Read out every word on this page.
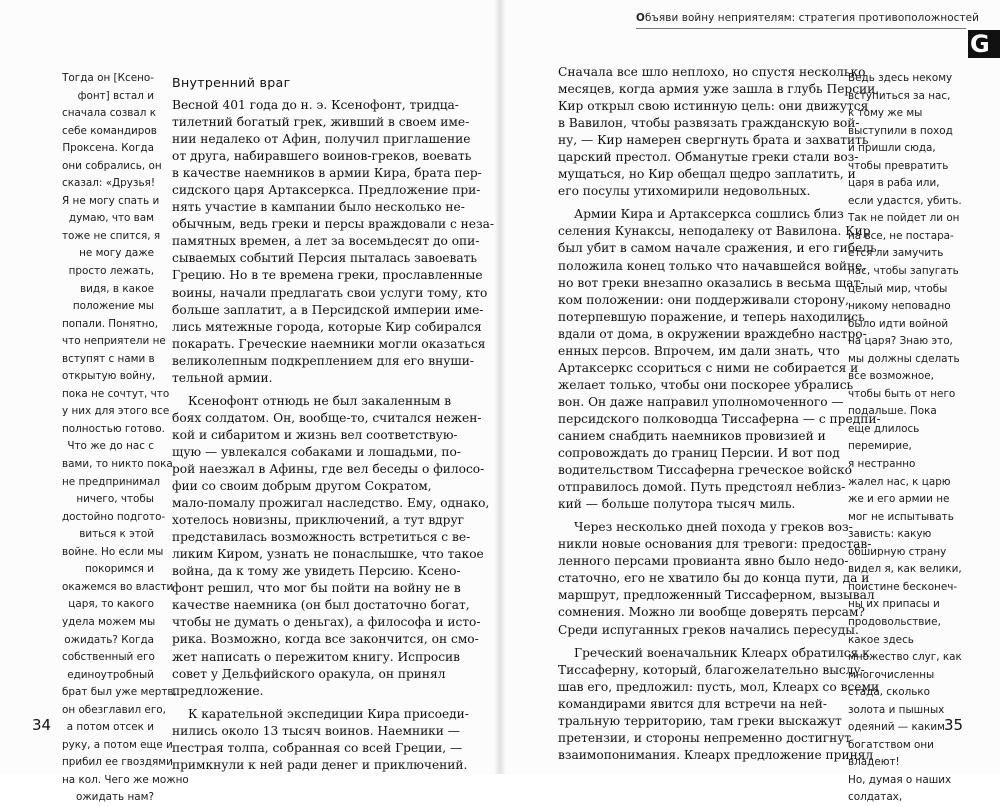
Объяви войну неприятелям: стратегия противоположностей
G
Тогда он [Ксено-
фонт] встал и
сначала созвал к
себе командиров
Проксена. Когда
они собрались, он
сказал: «Друзья!
Я не могу спать и
думаю, что вам
тоже не спится, я
не могу даже
просто лежать,
видя, в какое
положение мы
попали. Понятно,
что неприятели не
вступят с нами в
открытую войну,
пока не сочтут, что
у них для этого все
полностью готово.
Что же до нас с
вами, то никто пока
не предпринимал
ничего, чтобы
достойно подгото-
виться к этой
войне. Но если мы
покоримся и
окажемся во власти
царя, то какого
удела можем мы
ожидать? Когда
собственный его
единоутробный
брат был уже мертв,
он обезглавил его,
а потом отсек и
руку, а потом еще и
прибил ее гвоздями
на кол. Чего же можно
ожидать нам?
Внутренний враг
Весной 401 года до н. э. Ксенофонт, тридца-
тилетний богатый грек, живший в своем име-
нии недалеко от Афин, получил приглашение
от друга, набиравшего воинов-греков, воевать
в качестве наемников в армии Кира, брата пер-
сидского царя Артаксеркса. Предложение при-
нять участие в кампании было несколько не-
обычным, ведь греки и персы враждовали с неза-
памятных времен, а лет за восемьдесят до опи-
сываемых событий Персия пыталась завоевать
Грецию. Но в те времена греки, прославленные
воины, начали предлагать свои услуги тому, кто
больше заплатит, а в Персидской империи име-
лись мятежные города, которые Кир собирался
покарать. Греческие наемники могли оказаться
великолепным подкреплением для его внуши-
тельной армии.
Ксенофонт отнюдь не был закаленным в
боях солдатом. Он, вообще-то, считался нежен-
кой и сибаритом и жизнь вел соответствую-
щую — увлекался собаками и лошадьми, по-
рой наезжал в Афины, где вел беседы о филосо-
фии со своим добрым другом Сократом,
мало-помалу прожигал наследство. Ему, однако,
хотелось новизны, приключений, а тут вдруг
представилась возможность встретиться с ве-
ликим Киром, узнать не понаслышке, что такое
война, да к тому же увидеть Персию. Ксено-
фонт решил, что мог бы пойти на войну не в
качестве наемника (он был достаточно богат,
чтобы не думать о деньгах), а философа и исто-
рика. Возможно, когда все закончится, он смо-
жет написать о пережитом книгу. Испросив
совет у Дельфийского оракула, он принял
предложение.
К карательной экспедиции Кира присоеди-
нились около 13 тысяч воинов. Наемники —
пестрая толпа, собранная со всей Греции, —
примкнули к ней ради денег и приключений.
Сначала все шло неплохо, но спустя несколько
месяцев, когда армия уже зашла в глубь Персии,
Кир открыл свою истинную цель: они движутся
в Вавилон, чтобы развязать гражданскую вой-
ну, — Кир намерен свергнуть брата и захватить
царский престол. Обманутые греки стали воз-
мущаться, но Кир обещал щедро заплатить, и
его посулы утихомирили недовольных.
Армии Кира и Артаксеркса сошлись близ
селения Кунаксы, неподалеку от Вавилона. Кир
был убит в самом начале сражения, и его гибель
положила конец только что начавшейся войне,
но вот греки внезапно оказались в весьма щат-
ком положении: они поддерживали сторону,
потерпевшую поражение, и теперь находились
вдали от дома, в окружении враждебно настро-
енных персов. Впрочем, им дали знать, что
Артаксеркс ссориться с ними не собирается и
желает только, чтобы они поскорее убрались
вон. Он даже направил уполномоченного —
персидского полководца Тиссаферна — с предпи-
санием снабдить наемников провизией и
сопровождать до границ Персии. И вот под
водительством Тиссаферна греческое войско
отправилось домой. Путь предстоял неблиз-
кий — больше полутора тысяч миль.
Через несколько дней похода у греков воз-
никли новые основания для тревоги: предостав-
ленного персами провианта явно было недо-
статочно, его не хватило бы до конца пути, да и
маршрут, предложенный Тиссаферном, вызывал
сомнения. Можно ли вообще доверять персам?
Среди испуганных греков начались пересуды.
Греческий военачальник Клеарх обратился к
Тиссаферну, который, благожелательно выслу-
шав его, предложил: пусть, мол, Клеарх со всеми
командирами явится для встречи на ней-
тральную территорию, там греки выскажут
претензии, и стороны непременно достигнут
взаимопонимания. Клеарх предложение принял
Ведь здесь некому
вступиться за нас,
к тому же мы
выступили в поход
и пришли сюда,
чтобы превратить
царя в раба или,
если удастся, убить.
Так не пойдет ли он
на все, не постара-
ется ли замучить
нас, чтобы запугать
целый мир, чтобы
никому неповадно
было идти войной
на царя? Знаю это,
мы должны сделать
все возможное,
чтобы быть от него
подальше. Пока
еще длилось
перемирие,
я нестранно
жалел нас, к царю
же и его армии не
мог не испытывать
зависть: какую
обширную страну
видел я, как велики,
поистине бесконеч-
ны их припасы и
продовольствие,
какое здесь
множество слуг, как
многочисленны
стада, сколько
золота и пышных
одеяний — каким
богатством они
владеют!
Но, думая о наших
солдатах,
34	35
